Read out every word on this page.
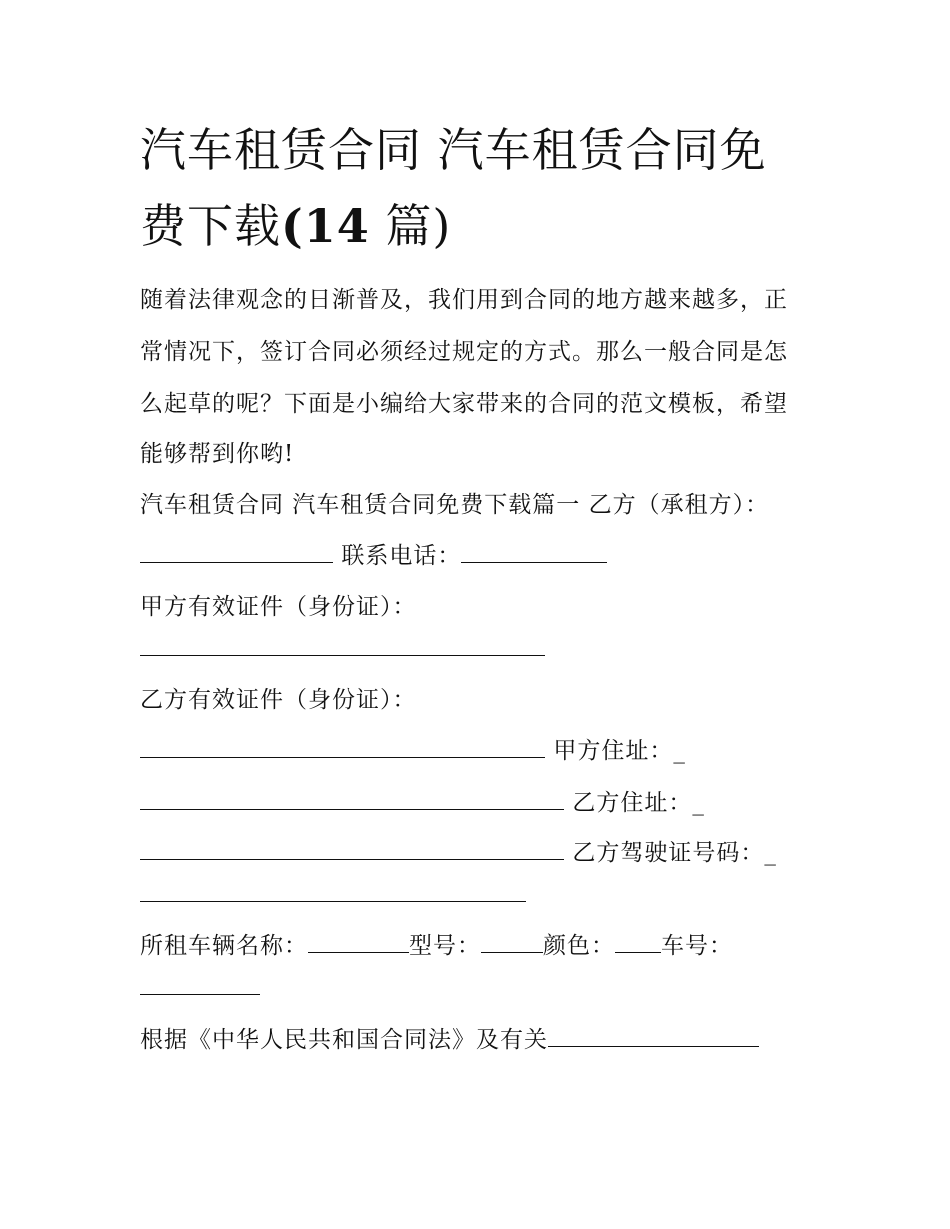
汽车租赁合同 汽车租赁合同免
费下载(14 篇)
随着法律观念的日渐普及，我们用到合同的地方越来越多，正
常情况下，签订合同必须经过规定的方式。那么一般合同是怎
么起草的呢？下面是小编给大家带来的合同的范文模板，希望
能够帮到你哟!
汽车租赁合同 汽车租赁合同免费下载篇一 乙方（承租方）：
联系电话：
甲方有效证件（身份证）：
乙方有效证件（身份证）：
甲方住址：_
乙方住址：_
乙方驾驶证号码：_
所租车辆名称：	型号：	颜色： 车号：
根据《中华人民共和国合同法》及有关
